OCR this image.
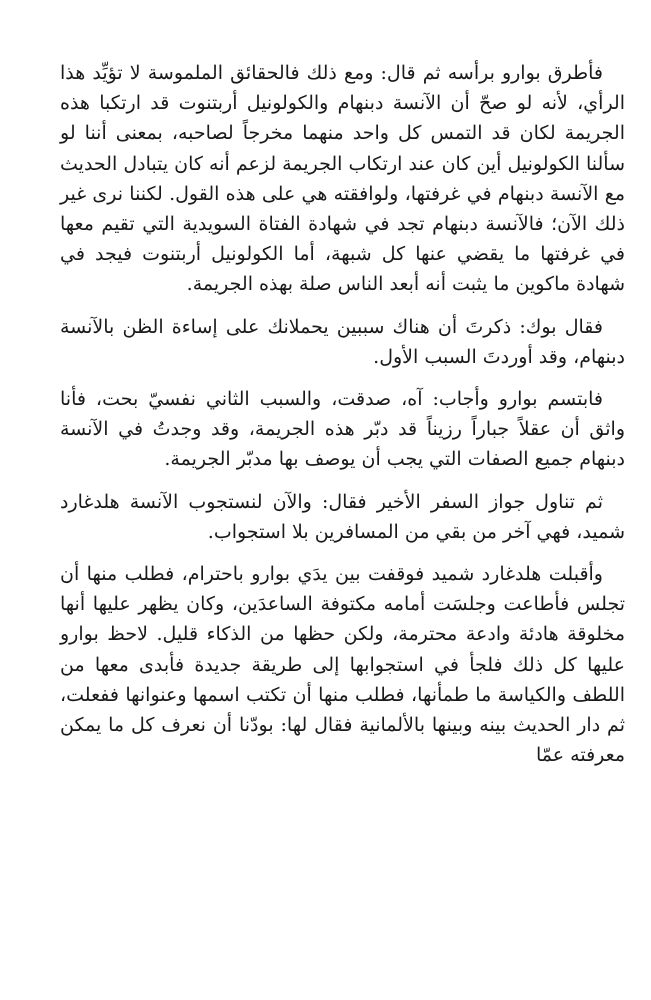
فأطرق بوارو برأسه ثم قال: ومع ذلك فالحقائق الملموسة لا تؤيِّد هذا الرأي، لأنه لو صحّ أن الآنسة دبنهام والكولونيل أربتنوت قد ارتكبا هذه الجريمة لكان قد التمس كل واحد منهما مخرجاً لصاحبه، بمعنى أننا لو سألنا الكولونيل أين كان عند ارتكاب الجريمة لزعم أنه كان يتبادل الحديث مع الآنسة دبنهام في غرفتها، ولوافقته هي على هذه القول. لكننا نرى غير ذلك الآن؛ فالآنسة دبنهام تجد في شهادة الفتاة السويدية التي تقيم معها في غرفتها ما يقضي عنها كل شبهة، أما الكولونيل أربتنوت فيجد في شهادة ماكوين ما يثبت أنه أبعد الناس صلة بهذه الجريمة.

فقال بوك: ذكرتَ أن هناك سببين يحملانك على إساءة الظن بالآنسة دبنهام، وقد أوردتَ السبب الأول.

فابتسم بوارو وأجاب: آه، صدقت، والسبب الثاني نفسيّ بحت، فأنا واثق أن عقلاً جباراً رزيناً قد دبّر هذه الجريمة، وقد وجدتُ في الآنسة دبنهام جميع الصفات التي يجب أن يوصف بها مدبّر الجريمة.

ثم تناول جواز السفر الأخير فقال: والآن لنستجوب الآنسة هلدغارد شميد، فهي آخر من بقي من المسافرين بلا استجواب.

وأقبلت هلدغارد شميد فوقفت بين يدَي بوارو باحترام، فطلب منها أن تجلس فأطاعت وجلسَت أمامه مكتوفة الساعدَين، وكان يظهر عليها أنها مخلوقة هادئة وادعة محترمة، ولكن حظها من الذكاء قليل. لاحظ بوارو عليها كل ذلك فلجأ في استجوابها إلى طريقة جديدة فأبدى معها من اللطف والكياسة ما طمأنها، فطلب منها أن تكتب اسمها وعنوانها ففعلت، ثم دار الحديث بينه وبينها بالألمانية فقال لها: بودّنا أن نعرف كل ما يمكن معرفته عمّا
